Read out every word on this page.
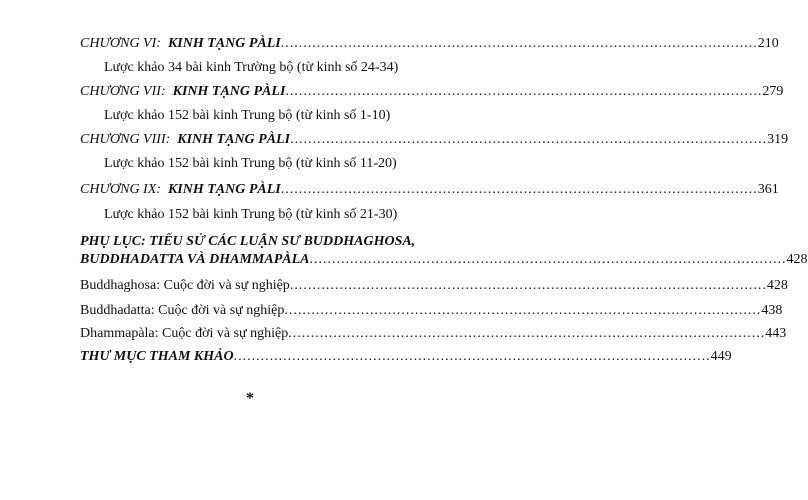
CHƯƠNG VI: KINH TẠNG PÀLI .......................................................................................................... 210
Lược khảo 34 bài kinh Trường bộ (từ kinh số 24-34)
CHƯƠNG VII: KINH TẠNG PÀLI .......................................................................................................... 279
Lược khảo 152 bài kinh Trung bộ (từ kinh số 1-10)
CHƯƠNG VIII: KINH TẠNG PÀLI .......................................................................................................... 319
Lược khảo 152 bài kinh Trung bộ (từ kinh số 11-20)
CHƯƠNG IX: KINH TẠNG PÀLI .......................................................................................................... 361
Lược khảo 152 bài kinh Trung bộ (từ kinh số 21-30)
PHỤ LỤC: TIỂU SỬ CÁC LUẬN SƯ BUDDHAGHOSA,
BUDDHADATTA VÀ DHAMMAPÀLA .......................................................................................................... 428
Buddhaghosa: Cuộc đời và sự nghiệp .......................................................................................................... 428
Buddhadatta: Cuộc đời và sự nghiệp .......................................................................................................... 438
Dhammapàla: Cuộc đời và sự nghiệp .......................................................................................................... 443
THƯ MỤC THAM KHẢO .......................................................................................................... 449
*
